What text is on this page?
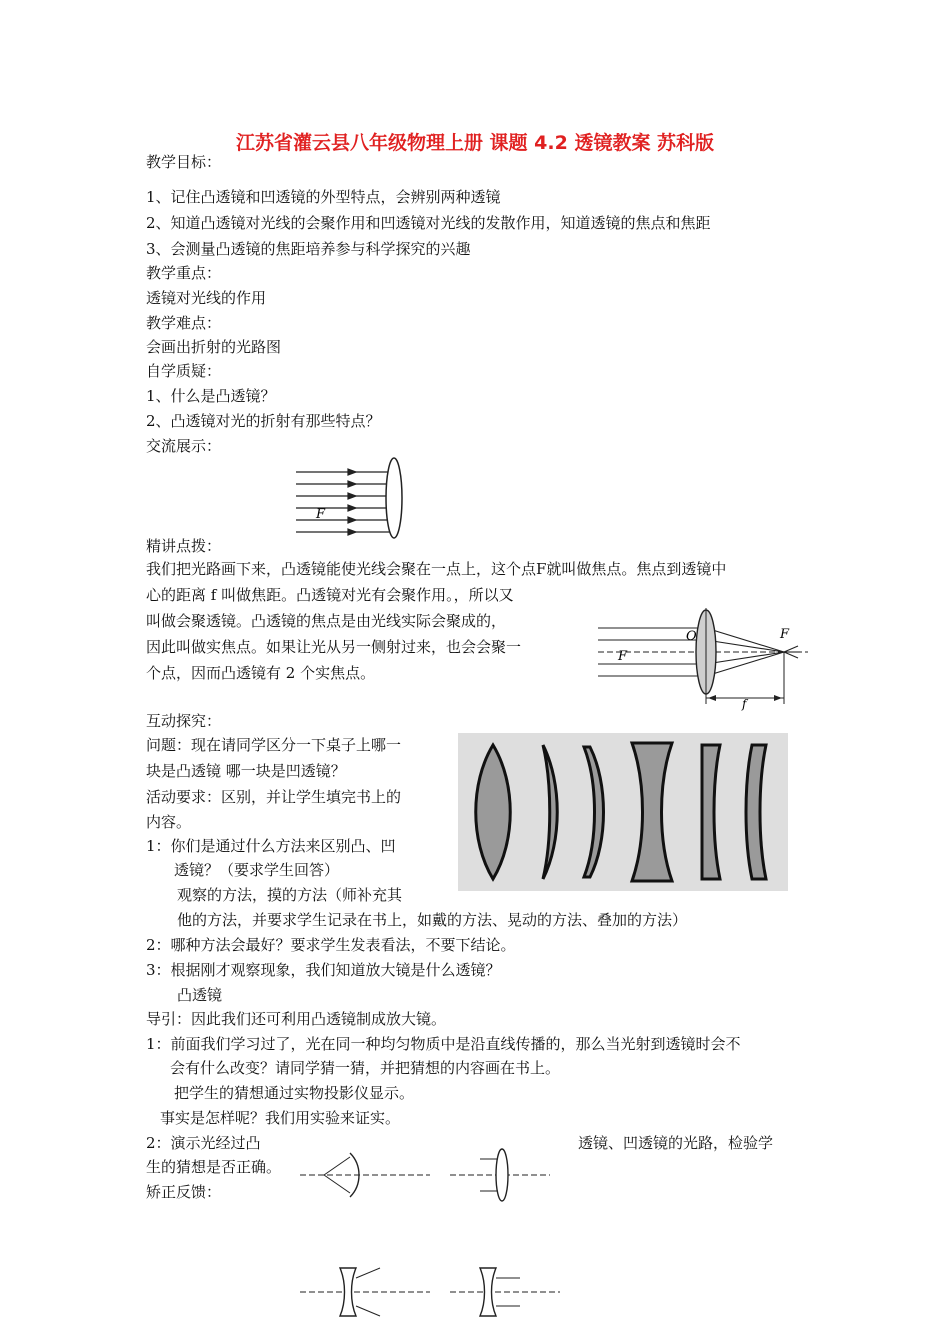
江苏省灌云县八年级物理上册 课题 4.2 透镜教案 苏科版
教学目标：
1、记住凸透镜和凹透镜的外型特点，会辨别两种透镜
2、知道凸透镜对光线的会聚作用和凹透镜对光线的发散作用，知道透镜的焦点和焦距
3、会测量凸透镜的焦距培养参与科学探究的兴趣
教学重点：
透镜对光线的作用
教学难点：
会画出折射的光路图
自学质疑：
1、什么是凸透镜？
2、凸透镜对光的折射有那些特点？
交流展示：
F
精讲点拨：
我们把光路画下来，凸透镜能使光线会聚在一点上，这个点F就叫做焦点。焦点到透镜中
心的距离 f 叫做焦距。凸透镜对光有会聚作用。，所以又
叫做会聚透镜。凸透镜的焦点是由光线实际会聚成的，
因此叫做实焦点。如果让光从另一侧射过来，也会会聚一
个点，因而凸透镜有 2 个实焦点。
O
F
F
f
互动探究：
问题：现在请同学区分一下桌子上哪一
块是凸透镜 哪一块是凹透镜？
活动要求：区别，并让学生填完书上的
内容。
1：你们是通过什么方法来区别凸、凹
透镜？（要求学生回答）
观察的方法，摸的方法（师补充其
他的方法，并要求学生记录在书上，如戴的方法、晃动的方法、叠加的方法）
2：哪种方法会最好？要求学生发表看法，不要下结论。
3：根据刚才观察现象，我们知道放大镜是什么透镜？
凸透镜
导引：因此我们还可利用凸透镜制成放大镜。
1：前面我们学习过了，光在同一种均匀物质中是沿直线传播的，那么当光射到透镜时会不
会有什么改变？请同学猜一猜，并把猜想的内容画在书上。
把学生的猜想通过实物投影仪显示。
事实是怎样呢？我们用实验来证实。
2：演示光经过凸	透镜、凹透镜的光路，检验学
生的猜想是否正确。
矫正反馈：
